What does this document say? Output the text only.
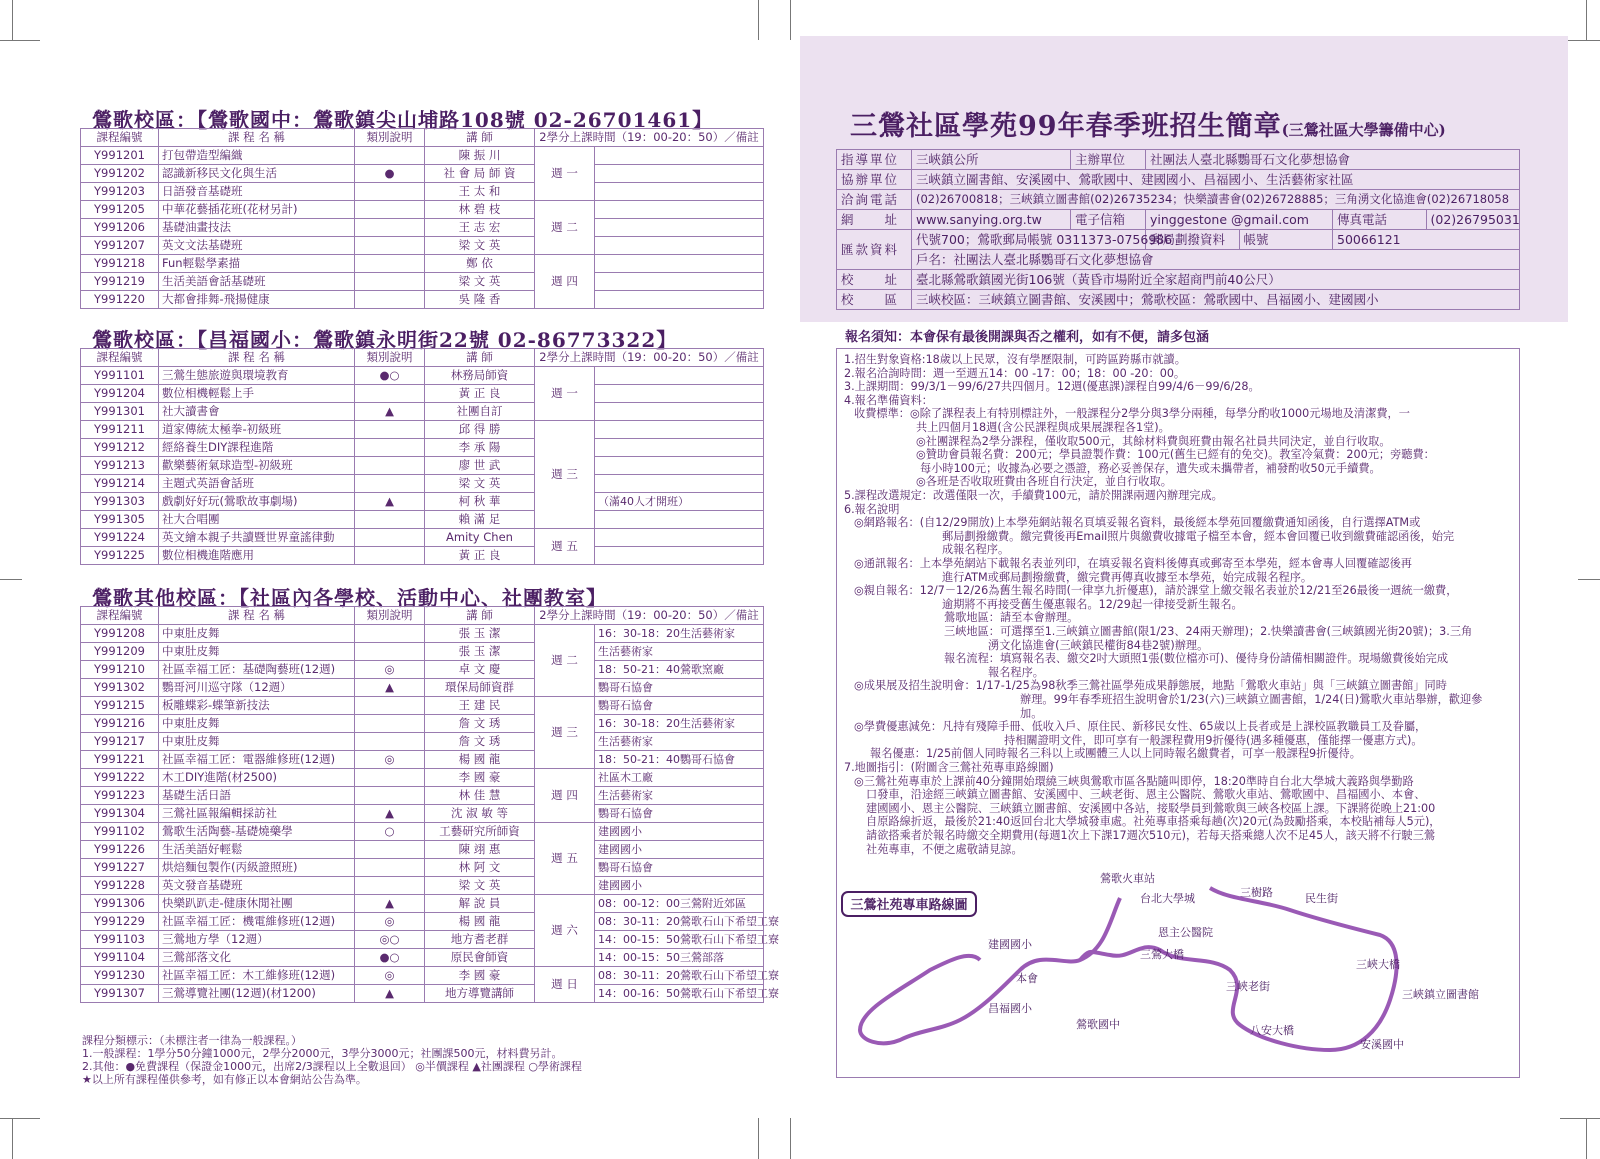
鶯歌校區：【鶯歌國中：鶯歌鎮尖山埔路108號 02-26701461】
課程編號	課 程 名 稱	類別說明	講 師	2學分上課時間（19：00-20：50）／備註	
Y991201	打包帶造型編織		陳 振 川	週 一	
Y991202	認識新移民文化與生活	●	社 會 局 師 資		
Y991203	日語發音基礎班		王 太 和		
Y991205	中華花藝插花班(花材另計)		林 碧 枝	週 二	
Y991206	基礎油畫技法		王 志 宏		
Y991207	英文文法基礎班		梁 文 英		
Y991218	Fun輕鬆學素描		鄭 依	週 四	
Y991219	生活美語會話基礎班		梁 文 英		
Y991220	大都會排舞-飛揚健康		吳 隆 香		
鶯歌校區：【昌福國小：鶯歌鎮永明街22號 02-86773322】
課程編號	課 程 名 稱	類別說明	講 師	2學分上課時間（19：00-20：50）／備註	
Y991101	三鶯生態旅遊與環境教育	●○	林務局師資	週 一	
Y991204	數位相機輕鬆上手		黃 正 良		
Y991301	社大讀書會	▲	社團自訂		
Y991211	道家傳統太極拳-初級班		邱 得 勝	週 三	
Y991212	經絡養生DIY課程進階		李 承 陽		
Y991213	歡樂藝術氣球造型-初級班		廖 世 武		
Y991214	主題式英語會話班		梁 文 英		
Y991303	戲劇好好玩(鶯歌故事劇場)	▲	柯 秋 華		（滿40人才開班）
Y991305	社大合唱團		賴 滿 足		
Y991224	英文繪本親子共讀暨世界童謠律動		Amity Chen	週 五	
Y991225	數位相機進階應用		黃 正 良		
鶯歌其他校區：【社區內各學校、活動中心、社團教室】
課程編號	課 程 名 稱	類別說明	講 師	2學分上課時間（19：00-20：50）／備註	
Y991208	中東肚皮舞		張 玉 潔	週 二	16：30-18：20生活藝術家
Y991209	中東肚皮舞		張 玉 潔		生活藝術家
Y991210	社區幸福工匠：基礎陶藝班(12週)	◎	卓 文 慶		18：50-21：40鶯歌窯廠
Y991302	鸚哥河川巡守隊（12週）	▲	環保局師資群		鸚哥石協會
Y991215	板雕蝶彩-蝶筆新技法		王 建 民	週 三	鸚哥石協會
Y991216	中東肚皮舞		詹 文 琇		16：30-18：20生活藝術家
Y991217	中東肚皮舞		詹 文 琇		生活藝術家
Y991221	社區幸福工匠：電器維修班(12週)	◎	楊 國 龍		18：50-21：40鸚哥石協會
Y991222	木工DIY進階(材2500)		李 國 豪	週 四	社區木工廠
Y991223	基礎生活日語		林 佳 慧		生活藝術家
Y991304	三鶯社區報編輯採訪社	▲	沈 淑 敏 等		鸚哥石協會
Y991102	鶯歌生活陶藝-基礎燒藥學	○	工藝研究所師資	週 五	建國國小
Y991226	生活美語好輕鬆		陳 翊 惠		建國國小
Y991227	烘焙麵包製作(丙級證照班)		林 阿 文		鸚哥石協會
Y991228	英文發音基礎班		梁 文 英		建國國小
Y991306	快樂趴趴走-健康休閒社團	▲	解 說 員	週 六	08：00-12：00三鶯附近郊區
Y991229	社區幸福工匠：機電維修班(12週)	◎	楊 國 龍		08：30-11：20鶯歌石山下希望工寮
Y991103	三鶯地方學（12週）	◎○	地方耆老群		14：00-15：50鶯歌石山下希望工寮
Y991104	三鶯部落文化	●○	原民會師資		14：00-15：50三鶯部落
Y991230	社區幸福工匠：木工維修班(12週)	◎	李 國 豪	週 日	08：30-11：20鶯歌石山下希望工寮
Y991307	三鶯導覽社團(12週)(材1200)	▲	地方導覽講師		14：00-16：50鶯歌石山下希望工寮
課程分類標示：（未標注者一律為一般課程。）
1.一般課程：1學分50分鐘1000元，2學分2000元，3學分3000元；社團課500元，材料費另計。
2.其他：●免費課程（保證金1000元，出席2/3課程以上全數退回） ◎半價課程 ▲社團課程 ○學術課程
★以上所有課程僅供參考，如有修正以本會網站公告為準。
三鶯社區學苑99年春季班招生簡章(三鶯社區大學籌備中心)
指導單位	三峽鎮公所	主辦單位	社團法人臺北縣鸚哥石文化夢想協會			
協辦單位	三峽鎮立圖書館、安溪國中、鶯歌國中、建國國小、昌福國小、生活藝術家社區					
洽詢電話	(02)26700818；三峽鎮立圖書館(02)26735234；快樂讀書會(02)26728885；三角湧文化協進會(02)26718058					
網　　址	www.sanying.org.tw	電子信箱	yinggestone @gmail.com		傳真電話	(02)26795031
匯款資料	代號700；鶯歌郵局帳號 0311373-0756986		郵局劃撥資料	帳號	50066121	
	戶名：社團法人臺北縣鸚哥石文化夢想協會					
校　　址	臺北縣鶯歌鎮國光街106號（黃昏市場附近全家超商門前40公尺）					
校　　區	三峽校區：三峽鎮立圖書館、安溪國中；鶯歌校區：鶯歌國中、昌福國小、建國國小					
報名須知：本會保有最後開課與否之權利，如有不便，請多包涵
1.招生對象資格:18歲以上民眾，沒有學歷限制，可跨區跨縣市就讀。
2.報名洽詢時間：週一至週五14：00 -17：00；18：00 -20：00。
3.上課期間：99/3/1－99/6/27共四個月。12週(優惠課)課程自99/4/6－99/6/28。
4.報名準備資料：
收費標準：◎除了課程表上有特別標註外，一般課程分2學分與3學分兩種，每學分酌收1000元場地及清潔費，一
共上四個月18週(含公民課程與成果展課程各1堂)。
◎社團課程為2學分課程，僅收取500元，其餘材料費與班費由報名社員共同決定，並自行收取。
◎贊助會員報名費：200元；學員證製作費：100元(舊生已經有的免交)。教室冷氣費：200元；旁聽費：
每小時100元；收據為必要之憑證，務必妥善保存，遺失或未攜帶者，補發酌收50元手續費。
◎各班是否收取班費由各班自行決定，並自行收取。
5.課程改選規定：改選僅限一次，手續費100元，請於開課兩週內辦理完成。
6.報名說明
◎網路報名：(自12/29開放)上本學苑網站報名頁填妥報名資料，最後經本學苑回覆繳費通知函後，自行選擇ATM或
郵局劃撥繳費。繳完費後再Email照片與繳費收據電子檔至本會，經本會回覆已收到繳費確認函後，始完
成報名程序。
◎通訊報名：上本學苑網站下載報名表並列印，在填妥報名資料後傳真或郵寄至本學苑，經本會專人回覆確認後再
進行ATM或郵局劃撥繳費，繳完費再傳真收據至本學苑，始完成報名程序。
◎親自報名：12/7－12/26為舊生報名時間(一律享九折優惠)，請於課堂上繳交報名表並於12/21至26最後一週統一繳費，
逾期將不再接受舊生優惠報名。12/29起一律接受新生報名。
鶯歌地區：請至本會辦理。
三峽地區：可選擇至1.三峽鎮立圖書館(限1/23、24兩天辦理)；2.快樂讀書會(三峽鎮國光街20號)；3.三角
湧文化協進會(三峽鎮民權街84巷2號)辦理。
報名流程：填寫報名表、繳交2吋大頭照1張(數位檔亦可)、優待身份請備相關證件。現場繳費後始完成
報名程序。
◎成果展及招生說明會：1/17-1/25為98秋季三鶯社區學苑成果靜態展，地點「鶯歌火車站」與「三峽鎮立圖書館」同時
辦理。99年春季班招生說明會於1/23(六)三峽鎮立圖書館，1/24(日)鶯歌火車站舉辦，歡迎參
加。
◎學費優惠減免：凡持有殘障手冊、低收入戶、原住民、新移民女性、65歲以上長者或是上課校區教職員工及眷屬，
持相關證明文件，即可享有一般課程費用9折優待(遇多種優惠，僅能擇一優惠方式)。
報名優惠：1/25前個人同時報名三科以上或團體三人以上同時報名繳費者，可享一般課程9折優待。
7.地圖指引：(附圖含三鶯社苑專車路線圖)
◎三鶯社苑專車於上課前40分鐘開始環繞三峽與鶯歌市區各點隨叫即停，18:20準時自台北大學城大義路與學勤路
口發車，沿途經三峽鎮立圖書館、安溪國中、三峽老街、恩主公醫院、鶯歌火車站、鶯歌國中、昌福國小、本會、
建國國小、恩主公醫院、三峽鎮立圖書館、安溪國中各站，接駁學員到鶯歌與三峽各校區上課。下課將從晚上21:00
自原路線折返，最後於21:40返回台北大學城發車處。社苑專車搭乘每趟(次)20元(為鼓勵搭乘，本校貼補每人5元)，
請欲搭乘者於報名時繳交全期費用(每週1次上下課17週次510元)，若每天搭乘總人次不足45人，該天將不行駛三鶯
社苑專車，不便之處敬請見諒。
三鶯社苑專車路線圖
鶯歌火車站
台北大學城	三樹路	民生街
恩主公醫院
建國國小
三鶯大橋
三峽大橋
本會
三峽老街
三峽鎮立圖書館
昌福國小
鶯歌國中	八安大橋
安溪國中
